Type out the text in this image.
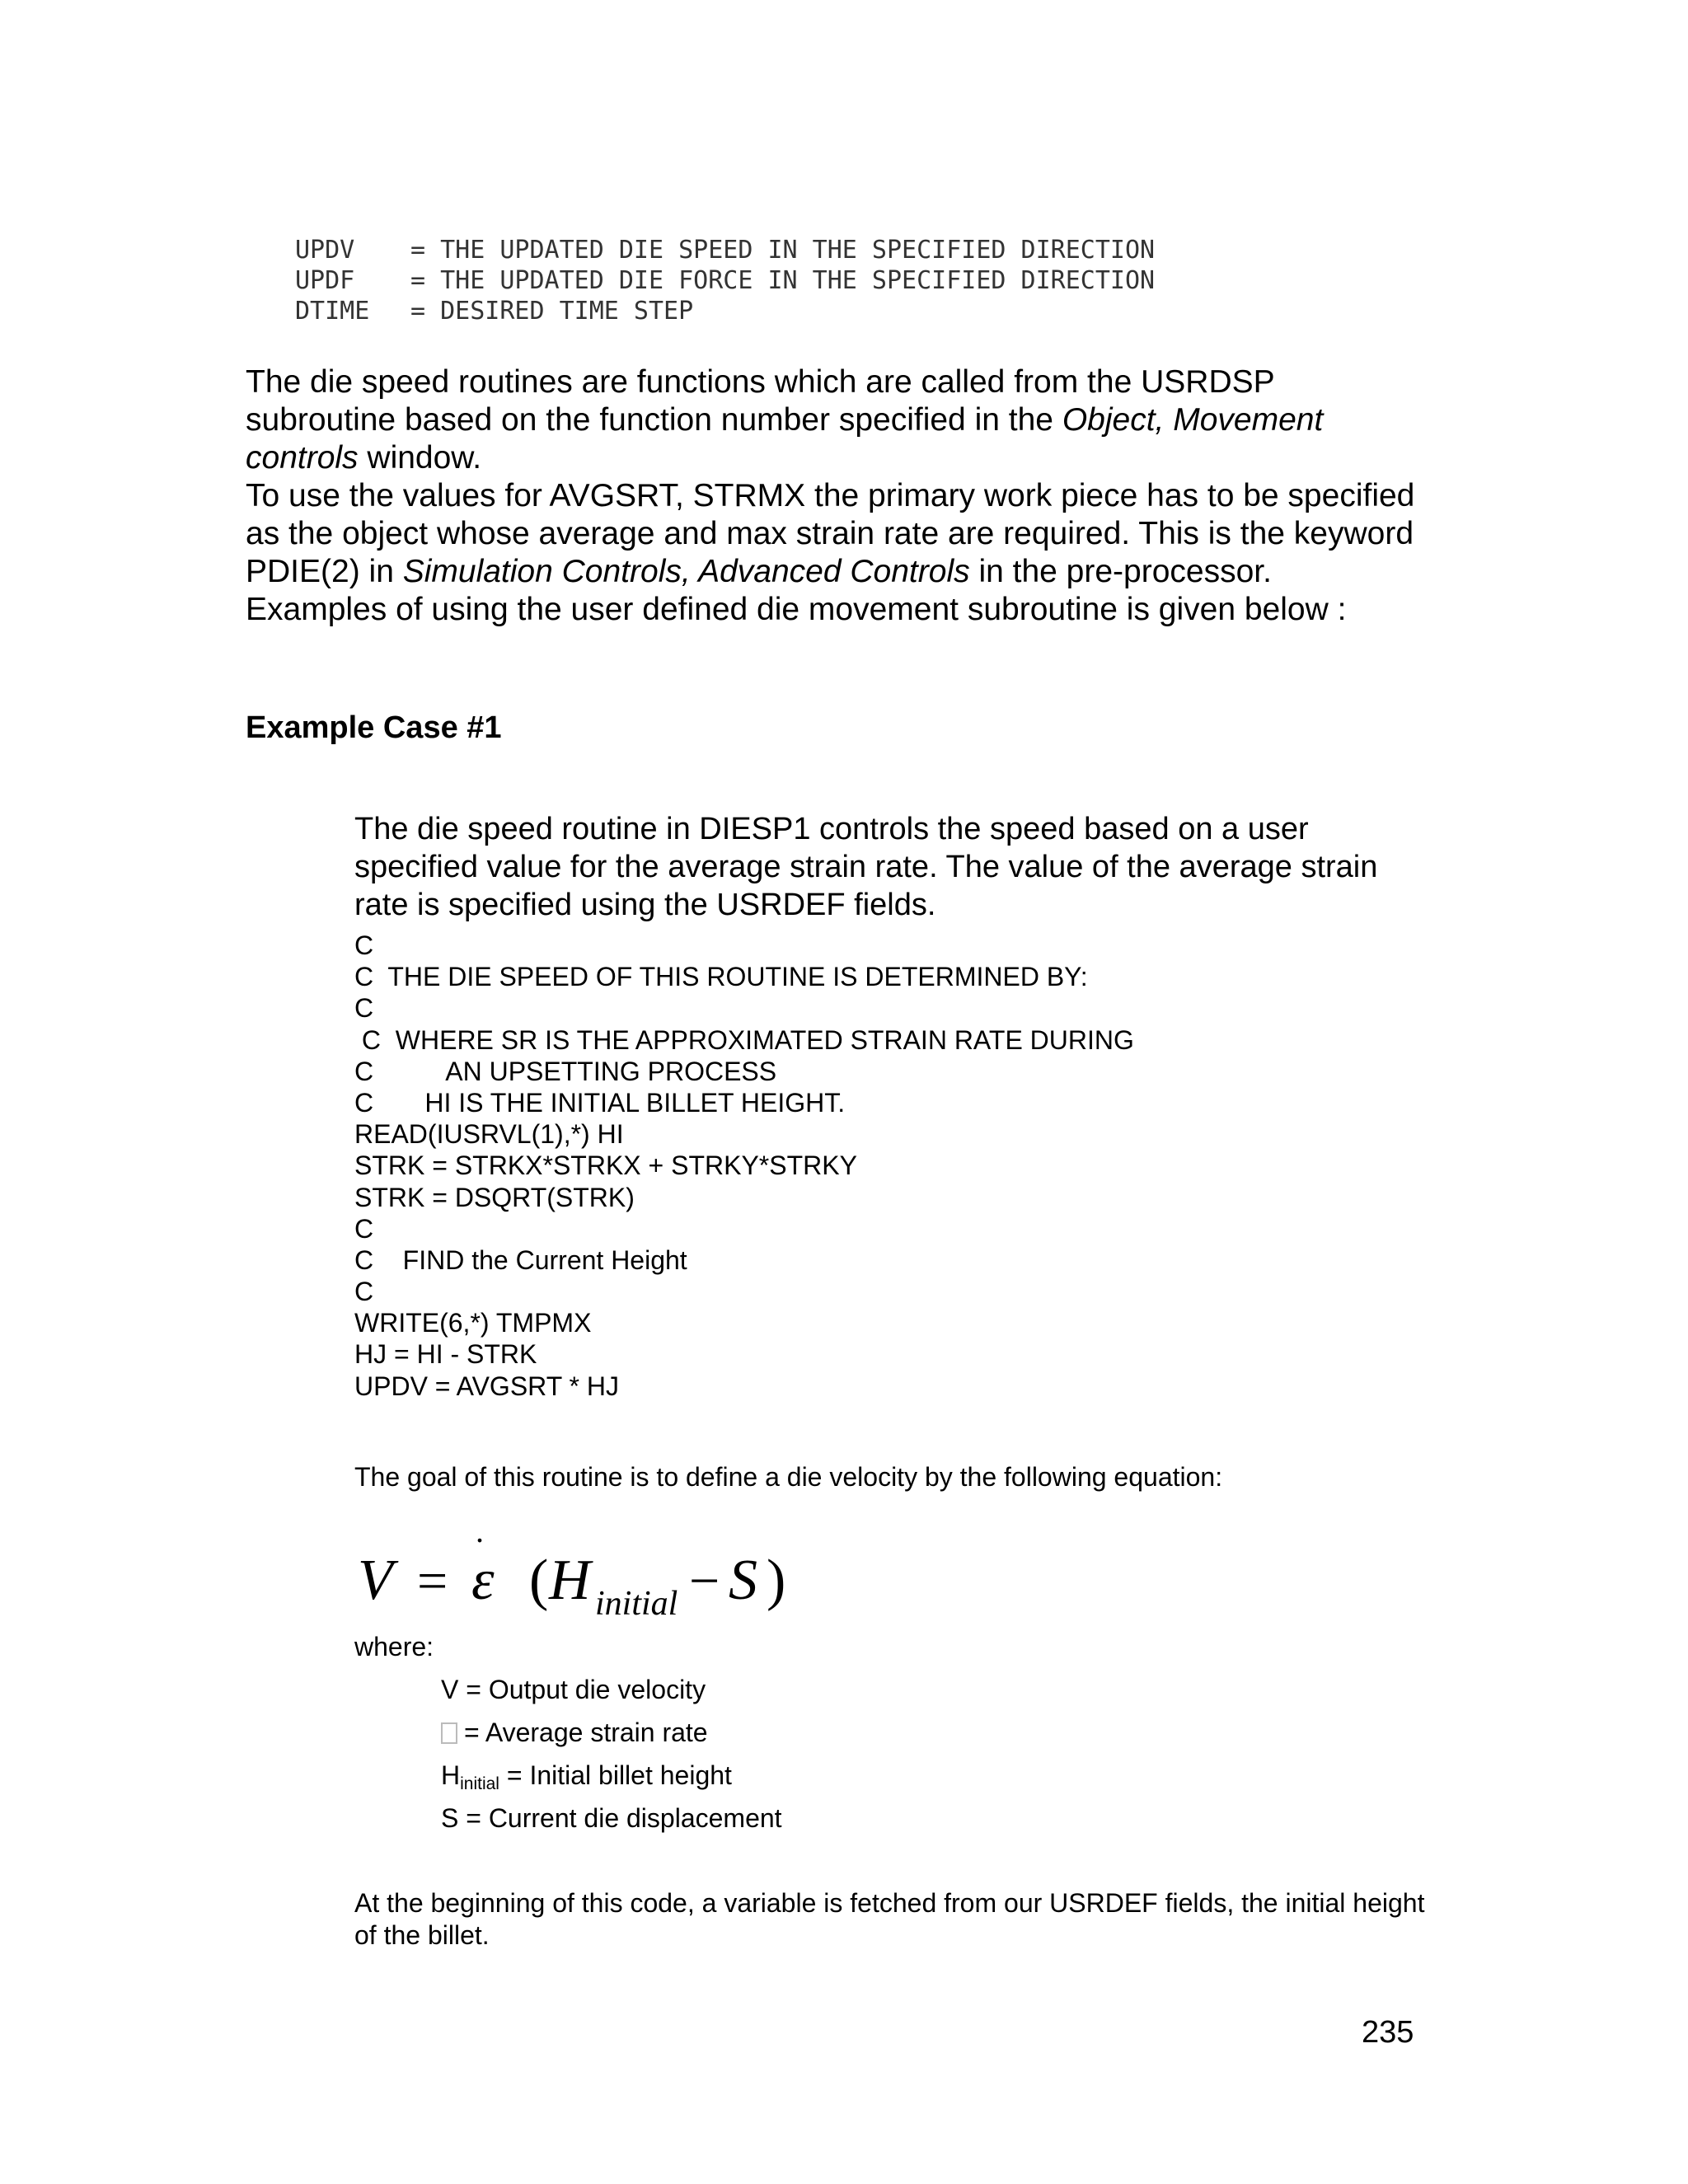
UPDV = THE UPDATED DIE SPEED IN THE SPECIFIED DIRECTION
UPDF = THE UPDATED DIE FORCE IN THE SPECIFIED DIRECTION
DTIME = DESIRED TIME STEP

The die speed routines are functions which are called from the USRDSP subroutine based on the function number specified in the Object, Movement controls window.

To use the values for AVGSRT, STRMX the primary work piece has to be specified as the object whose average and max strain rate are required. This is the keyword PDIE(2) in Simulation Controls, Advanced Controls in the pre-processor.

Examples of using the user defined die movement subroutine is given below :

Example Case #1
The die speed routine in DIESP1 controls the speed based on a user specified value for the average strain rate. The value of the average strain rate is specified using the USRDEF fields.
C
C  THE DIE SPEED OF THIS ROUTINE IS DETERMINED BY:
C
C  WHERE SR IS THE APPROXIMATED STRAIN RATE DURING
C          AN UPSETTING PROCESS
C       HI IS THE INITIAL BILLET HEIGHT.
READ(IUSRVL(1),*) HI
STRK = STRKX*STRKX + STRKY*STRKY
STRK = DSQRT(STRK)
C
C    FIND the Current Height
C
WRITE(6,*) TMPMX
HJ = HI - STRK
UPDV = AVGSRT * HJ
The goal of this routine is to define a die velocity by the following equation:
V = ε
.
( H initial − S )
where:
V = Output die velocity
= Average strain rate
$H_{initial}$ = Initial billet height
S = Current die displacement
At the beginning of this code, a variable is fetched from our USRDEF fields, the initial height of the billet.
235
